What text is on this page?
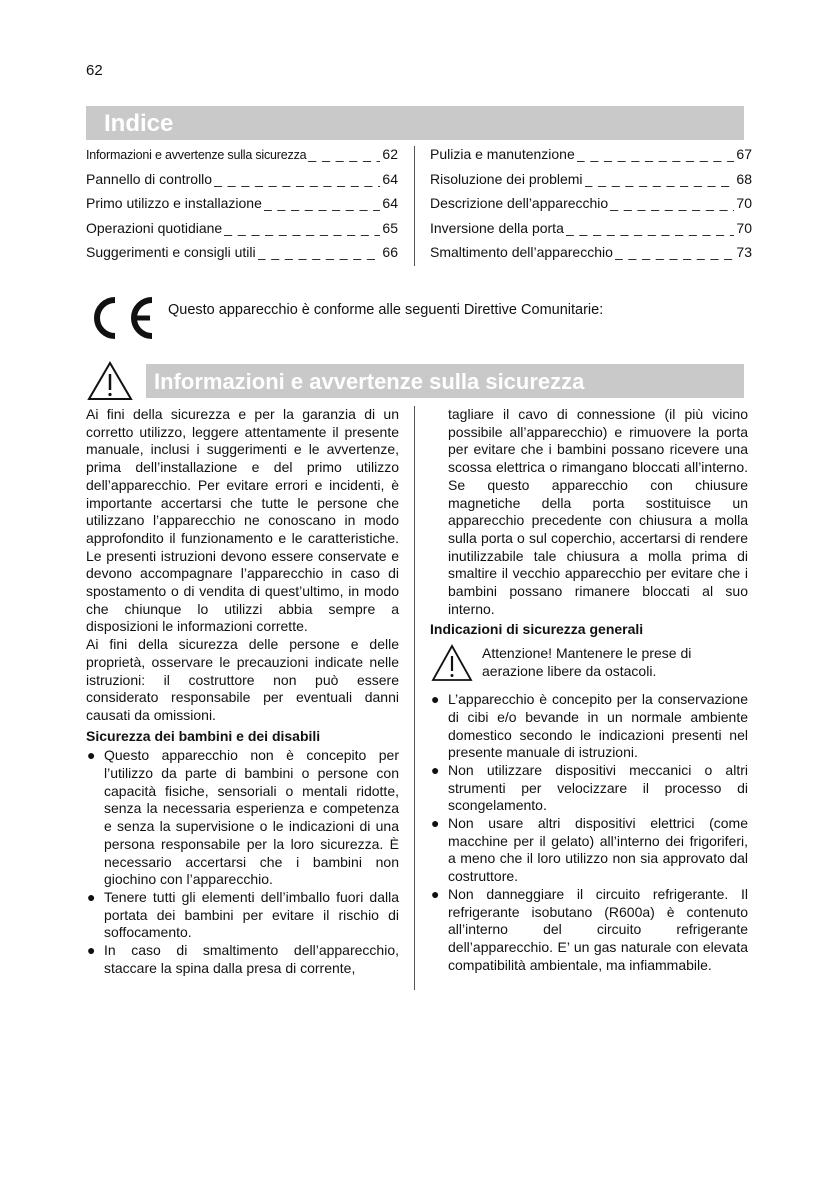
62
Indice
Informazioni e avvertenze sulla sicurezza _ _ _	62
Pannello di controllo _ _ _	64
Primo utilizzo e installazione _ _ _	64
Operazioni quotidiane _ _ _	65
Suggerimenti e consigli utili _ _ _	66
Pulizia e manutenzione _ _ _	67
Risoluzione dei problemi _ _ _	68
Descrizione dell’apparecchio _ _ _	70
Inversione della porta _ _ _	70
Smaltimento dell’apparecchio _ _ _	73
Questo apparecchio è conforme alle seguenti Direttive Comunitarie:
Informazioni e avvertenze sulla sicurezza

Ai fini della sicurezza e per la garanzia di un corretto utilizzo, leggere attentamente il presente manuale, inclusi i suggerimenti e le avvertenze, prima dell’installazione e del primo utilizzo dell’apparecchio. Per evitare errori e incidenti, è importante accertarsi che tutte le persone che utilizzano l’apparecchio ne conoscano in modo approfondito il funzionamento e le caratteristiche. Le presenti istruzioni devono essere conservate e devono accompagnare l’apparecchio in caso di spostamento o di vendita di quest’ultimo, in modo che chiunque lo utilizzi abbia sempre a disposizioni le informazioni corrette.

Ai fini della sicurezza delle persone e delle proprietà, osservare le precauzioni indicate nelle istruzioni: il costruttore non può essere considerato responsabile per eventuali danni causati da omissioni.

Sicurezza dei bambini e dei disabili
● Questo apparecchio non è concepito per l’utilizzo da parte di bambini o persone con capacità fisiche, sensoriali o mentali ridotte, senza la necessaria esperienza e competenza e senza la supervisione o le indicazioni di una persona responsabile per la loro sicurezza. È necessario accertarsi che i bambini non giochino con l’apparecchio.
● Tenere tutti gli elementi dell’imballo fuori dalla portata dei bambini per evitare il rischio di soffocamento.
● In caso di smaltimento dell’apparecchio, staccare la spina dalla presa di corrente,

tagliare il cavo di connessione (il più vicino possibile all’apparecchio) e rimuovere la porta per evitare che i bambini possano ricevere una scossa elettrica o rimangano bloccati all’interno. Se questo apparecchio con chiusure magnetiche della porta sostituisce un apparecchio precedente con chiusura a molla sulla porta o sul coperchio, accertarsi di rendere inutilizzabile tale chiusura a molla prima di smaltire il vecchio apparecchio per evitare che i bambini possano rimanere bloccati al suo interno.

Indicazioni di sicurezza generali
Attenzione! Mantenere le prese di aerazione libere da ostacoli.
● L’apparecchio è concepito per la conservazione di cibi e/o bevande in un normale ambiente domestico secondo le indicazioni presenti nel presente manuale di istruzioni.
● Non utilizzare dispositivi meccanici o altri strumenti per velocizzare il processo di scongelamento.
● Non usare altri dispositivi elettrici (come macchine per il gelato) all’interno dei frigoriferi, a meno che il loro utilizzo non sia approvato dal costruttore.
● Non danneggiare il circuito refrigerante. Il refrigerante isobutano (R600a) è contenuto all’interno del circuito refrigerante dell’apparecchio. E’ un gas naturale con elevata compatibilità ambientale, ma infiammabile.
